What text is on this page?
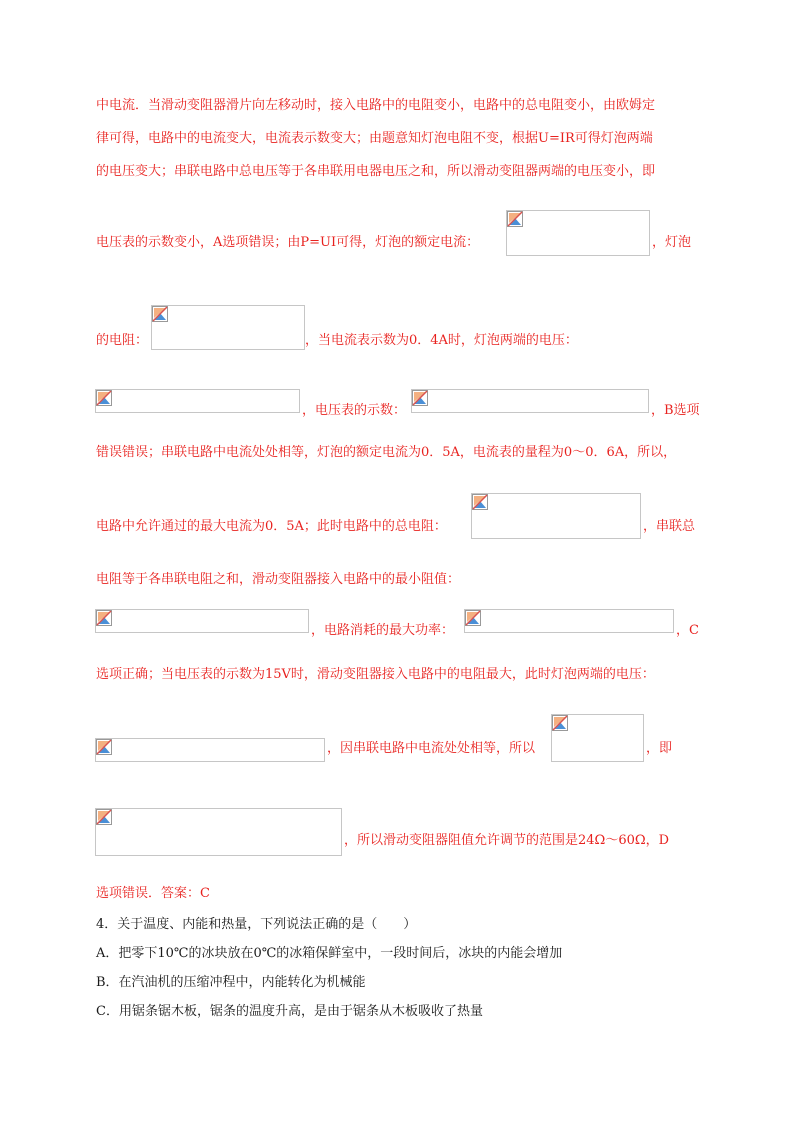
中电流．当滑动变阻器滑片向左移动时，接入电路中的电阻变小，电路中的总电阻变小，由欧姆定
律可得，电路中的电流变大，电流表示数变大；由题意知灯泡电阻不变，根据U=IR可得灯泡两端
的电压变大；串联电路中总电压等于各串联用电器电压之和，所以滑动变阻器两端的电压变小，即
电压表的示数变小，A选项错误；由P=UI可得，灯泡的额定电流：	，灯泡
的电阻：	，当电流表示数为0．4A时，灯泡两端的电压：
，电压表的示数：	，B选项
错误错误；串联电路中电流处处相等，灯泡的额定电流为0．5A，电流表的量程为0～0．6A，所以，
电路中允许通过的最大电流为0．5A；此时电路中的总电阻：	，串联总
电阻等于各串联电阻之和，滑动变阻器接入电路中的最小阻值：
，电路消耗的最大功率：	，C
选项正确；当电压表的示数为15V时，滑动变阻器接入电路中的电阻最大，此时灯泡两端的电压：
，因串联电路中电流处处相等，所以	，即
，所以滑动变阻器阻值允许调节的范围是24Ω～60Ω，D
选项错误．答案：C
4．关于温度、内能和热量，下列说法正确的是（　　）
A．把零下10℃的冰块放在0℃的冰箱保鲜室中，一段时间后，冰块的内能会增加
B．在汽油机的压缩冲程中，内能转化为机械能
C．用锯条锯木板，锯条的温度升高，是由于锯条从木板吸收了热量
